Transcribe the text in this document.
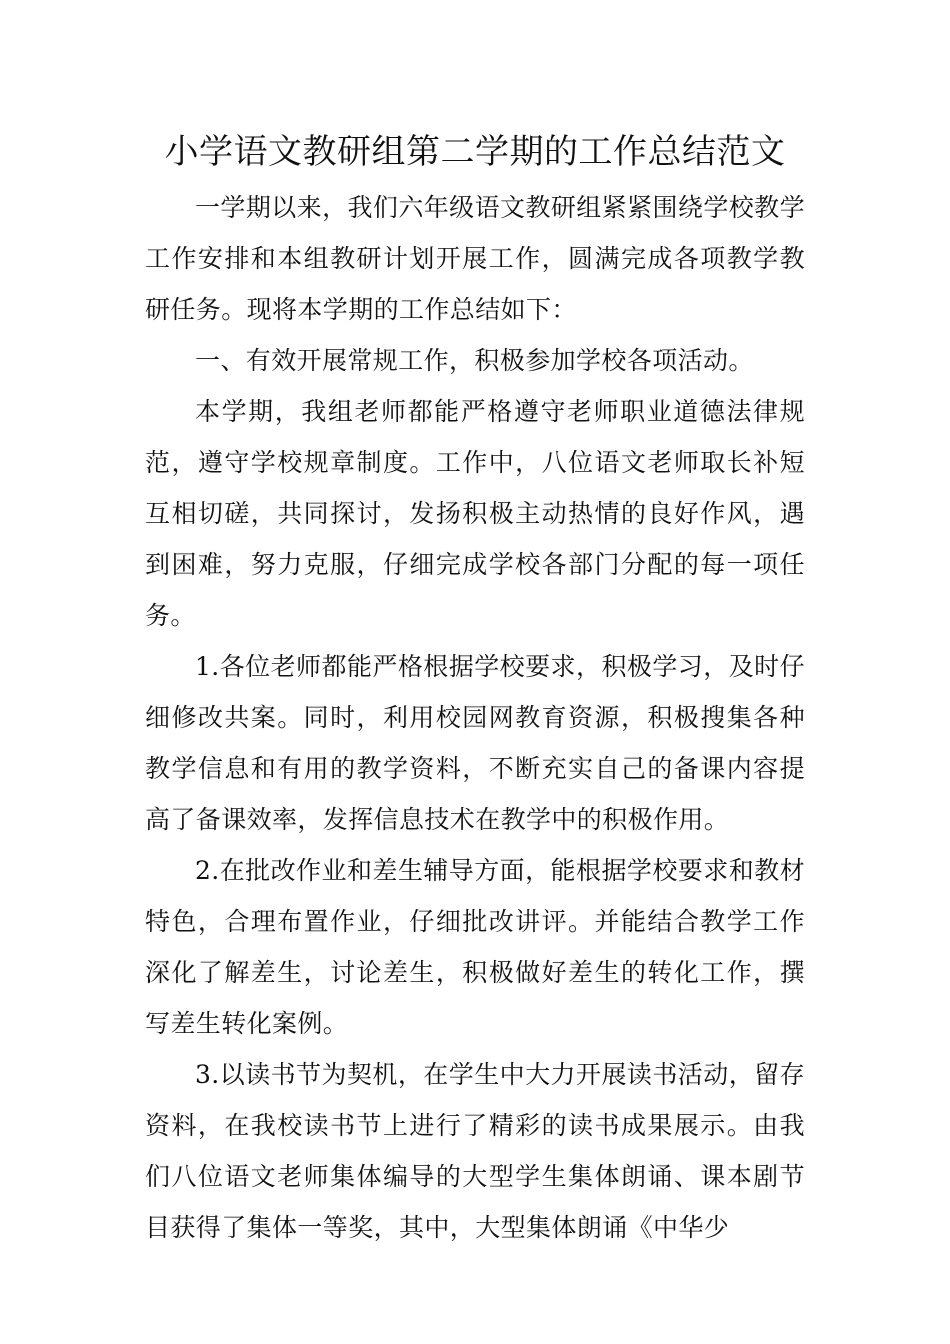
小学语文教研组第二学期的工作总结范文

一学期以来，我们六年级语文教研组紧紧围绕学校教学工作安排和本组教研计划开展工作，圆满完成各项教学教研任务。现将本学期的工作总结如下：

一、有效开展常规工作，积极参加学校各项活动。

本学期，我组老师都能严格遵守老师职业道德法律规范，遵守学校规章制度。工作中，八位语文老师取长补短互相切磋，共同探讨，发扬积极主动热情的良好作风，遇到困难，努力克服，仔细完成学校各部门分配的每一项任务。

1.各位老师都能严格根据学校要求，积极学习，及时仔细修改共案。同时，利用校园网教育资源，积极搜集各种教学信息和有用的教学资料，不断充实自己的备课内容提高了备课效率，发挥信息技术在教学中的积极作用。

2.在批改作业和差生辅导方面，能根据学校要求和教材特色，合理布置作业，仔细批改讲评。并能结合教学工作深化了解差生，讨论差生，积极做好差生的转化工作，撰写差生转化案例。

3.以读书节为契机，在学生中大力开展读书活动，留存资料，在我校读书节上进行了精彩的读书成果展示。由我们八位语文老师集体编导的大型学生集体朗诵、课本剧节目获得了集体一等奖，其中，大型集体朗诵《中华少
